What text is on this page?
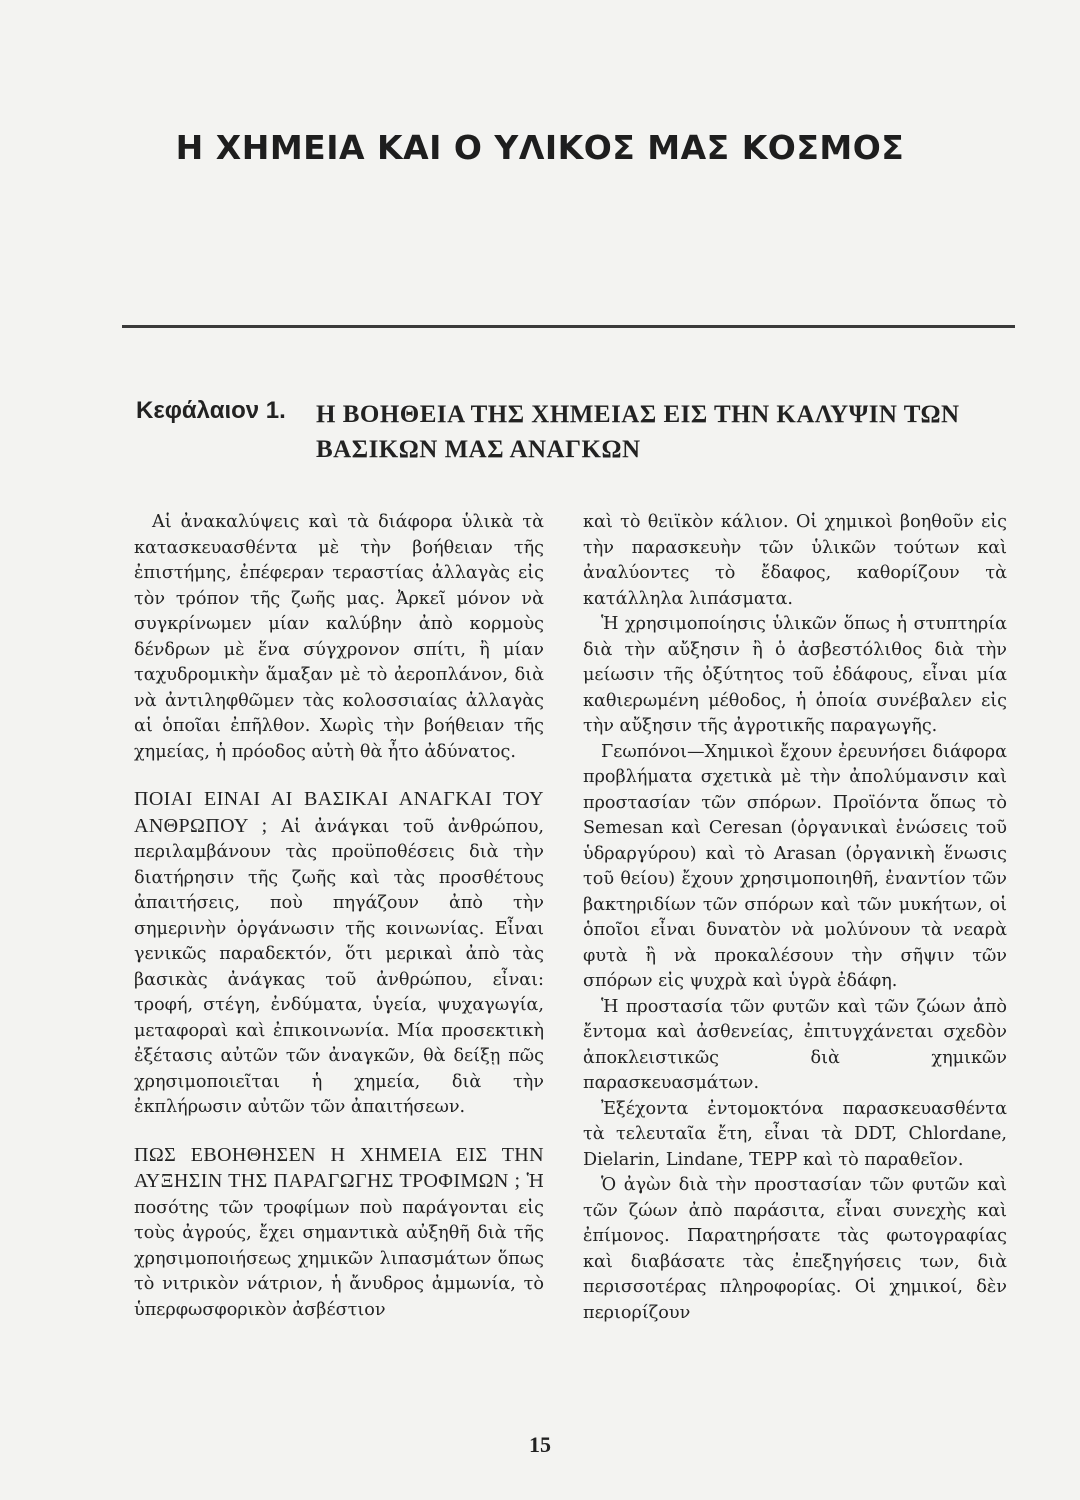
Η ΧΗΜΕΙΑ ΚΑΙ Ο ΥΛΙΚΟΣ ΜΑΣ ΚΟΣΜΟΣ
Κεφάλαιον 1. Η ΒΟΗΘΕΙΑ ΤΗΣ ΧΗΜΕΙΑΣ ΕΙΣ ΤΗΝ ΚΑΛΥΨΙΝ ΤΩΝ ΒΑΣΙΚΩΝ ΜΑΣ ΑΝΑΓΚΩΝ

Αἱ ἀνακαλύψεις καὶ τὰ διάφορα ὑλικὰ τὰ κατασκευασθέντα μὲ τὴν βοήθειαν τῆς ἐπιστήμης, ἐπέφεραν τεραστίας ἀλλαγὰς εἰς τὸν τρόπον τῆς ζωῆς μας. Ἀρκεῖ μόνον νὰ συγκρίνωμεν μίαν καλύβην ἀπὸ κορμοὺς δένδρων μὲ ἕνα σύγχρονον σπίτι, ἢ μίαν ταχυδρομικὴν ἅμαξαν μὲ τὸ ἀεροπλάνον, διὰ νὰ ἀντιληφθῶμεν τὰς κολοσσιαίας ἀλλαγὰς αἱ ὁποῖαι ἐπῆλθον. Χωρὶς τὴν βοήθειαν τῆς χημείας, ἡ πρόοδος αὐτὴ θὰ ἦτο ἀδύνατος.

ΠΟΙΑΙ ΕΙΝΑΙ ΑΙ ΒΑΣΙΚΑΙ ΑΝΑΓΚΑΙ ΤΟΥ ΑΝΘΡΩΠΟΥ ; Αἱ ἀνάγκαι τοῦ ἀνθρώπου, περιλαμβάνουν τὰς προϋποθέσεις διὰ τὴν διατήρησιν τῆς ζωῆς καὶ τὰς προσθέτους ἀπαιτήσεις, ποὺ πηγάζουν ἀπὸ τὴν σημερινὴν ὀργάνωσιν τῆς κοινωνίας. Εἶναι γενικῶς παραδεκτόν, ὅτι μερικαὶ ἀπὸ τὰς βασικὰς ἀνάγκας τοῦ ἀνθρώπου, εἶναι: τροφή, στέγη, ἐνδύματα, ὑγεία, ψυχαγωγία, μεταφοραὶ καὶ ἐπικοινωνία. Μία προσεκτικὴ ἐξέτασις αὐτῶν τῶν ἀναγκῶν, θὰ δείξῃ πῶς χρησιμοποιεῖται ἡ χημεία, διὰ τὴν ἐκπλήρωσιν αὐτῶν τῶν ἀπαιτήσεων.

ΠΩΣ ΕΒΟΗΘΗΣΕΝ Η ΧΗΜΕΙΑ ΕΙΣ ΤΗΝ ΑΥΞΗΣΙΝ ΤΗΣ ΠΑΡΑΓΩΓΗΣ ΤΡΟΦΙΜΩΝ ; Ἡ ποσότης τῶν τροφίμων ποὺ παράγονται εἰς τοὺς ἀγρούς, ἔχει σημαντικὰ αὐξηθῆ διὰ τῆς χρησιμοποιήσεως χημικῶν λιπασμάτων ὅπως τὸ νιτρικὸν νάτριον, ἡ ἄνυδρος ἀμμωνία, τὸ ὑπερφωσφορικὸν ἀσβέστιον

καὶ τὸ θειϊκὸν κάλιον. Οἱ χημικοὶ βοηθοῦν εἰς τὴν παρασκευὴν τῶν ὑλικῶν τούτων καὶ ἀναλύοντες τὸ ἔδαφος, καθορίζουν τὰ κατάλληλα λιπάσματα.

Ἡ χρησιμοποίησις ὑλικῶν ὅπως ἡ στυπτηρία διὰ τὴν αὔξησιν ἢ ὁ ἀσβεστόλιθος διὰ τὴν μείωσιν τῆς ὀξύτητος τοῦ ἐδάφους, εἶναι μία καθιερωμένη μέθοδος, ἡ ὁποία συνέβαλεν εἰς τὴν αὔξησιν τῆς ἀγροτικῆς παραγωγῆς.

Γεωπόνοι—Χημικοὶ ἔχουν ἐρευνήσει διάφορα προβλήματα σχετικὰ μὲ τὴν ἀπολύμανσιν καὶ προστασίαν τῶν σπόρων. Προϊόντα ὅπως τὸ Semesan καὶ Ceresan (ὀργανικαὶ ἑνώσεις τοῦ ὑδραργύρου) καὶ τὸ Arasan (ὀργανικὴ ἕνωσις τοῦ θείου) ἔχουν χρησιμοποιηθῆ, ἐναντίον τῶν βακτηριδίων τῶν σπόρων καὶ τῶν μυκήτων, οἱ ὁποῖοι εἶναι δυνατὸν νὰ μολύνουν τὰ νεαρὰ φυτὰ ἢ νὰ προκαλέσουν τὴν σῆψιν τῶν σπόρων εἰς ψυχρὰ καὶ ὑγρὰ ἐδάφη.

Ἡ προστασία τῶν φυτῶν καὶ τῶν ζώων ἀπὸ ἔντομα καὶ ἀσθενείας, ἐπιτυγχάνεται σχεδὸν ἀποκλειστικῶς διὰ χημικῶν παρασκευασμάτων.

Ἐξέχοντα ἐντομοκτόνα παρασκευασθέντα τὰ τελευταῖα ἔτη, εἶναι τὰ DDT, Chlordane, Dielarin, Lindane, TEPP καὶ τὸ παραθεῖον.

Ὁ ἀγὼν διὰ τὴν προστασίαν τῶν φυτῶν καὶ τῶν ζώων ἀπὸ παράσιτα, εἶναι συνεχὴς καὶ ἐπίμονος. Παρατηρήσατε τὰς φωτογραφίας καὶ διαβάσατε τὰς ἐπεξηγήσεις των, διὰ περισσοτέρας πληροφορίας. Οἱ χημικοί, δὲν περιορίζουν

15
